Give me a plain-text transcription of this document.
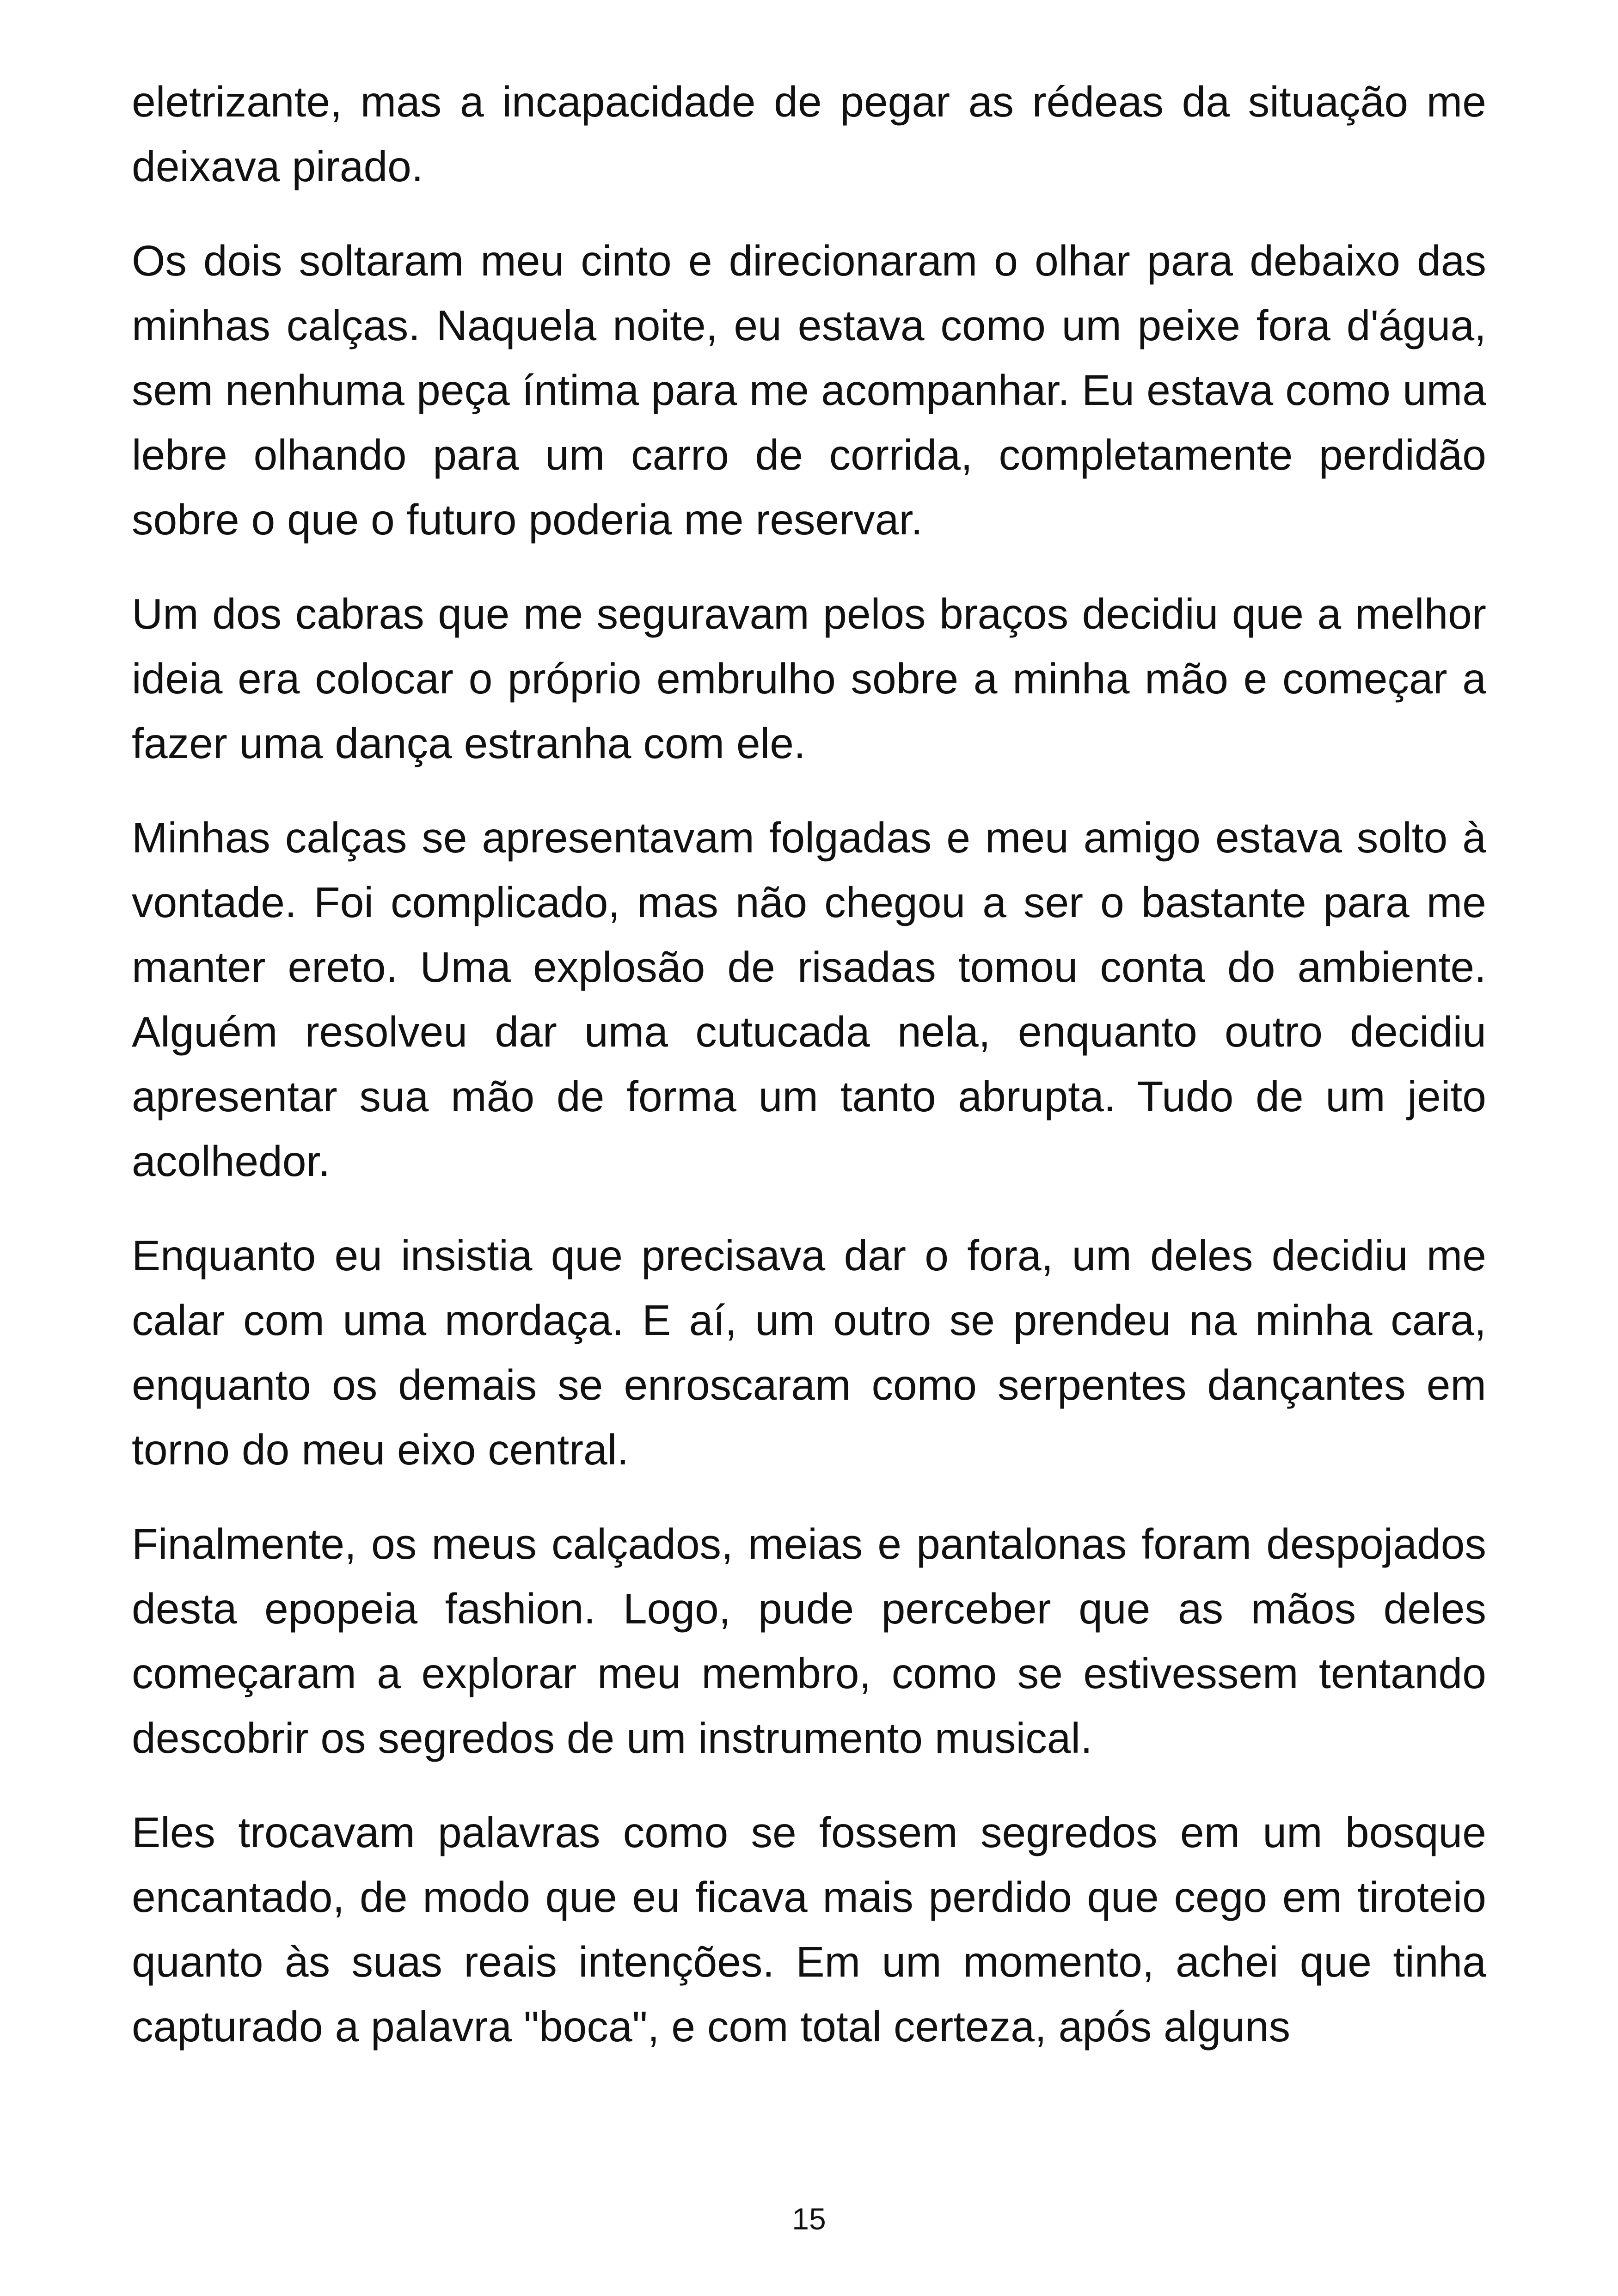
eletrizante, mas a incapacidade de pegar as rédeas da situação me deixava pirado.

Os dois soltaram meu cinto e direcionaram o olhar para debaixo das minhas calças. Naquela noite, eu estava como um peixe fora d'água, sem nenhuma peça íntima para me acompanhar. Eu estava como uma lebre olhando para um carro de corrida, completamente perdidão sobre o que o futuro poderia me reservar.

Um dos cabras que me seguravam pelos braços decidiu que a melhor ideia era colocar o próprio embrulho sobre a minha mão e começar a fazer uma dança estranha com ele.

Minhas calças se apresentavam folgadas e meu amigo estava solto à vontade. Foi complicado, mas não chegou a ser o bastante para me manter ereto. Uma explosão de risadas tomou conta do ambiente. Alguém resolveu dar uma cutucada nela, enquanto outro decidiu apresentar sua mão de forma um tanto abrupta. Tudo de um jeito acolhedor.

Enquanto eu insistia que precisava dar o fora, um deles decidiu me calar com uma mordaça. E aí, um outro se prendeu na minha cara, enquanto os demais se enroscaram como serpentes dançantes em torno do meu eixo central.

Finalmente, os meus calçados, meias e pantalonas foram despojados desta epopeia fashion. Logo, pude perceber que as mãos deles começaram a explorar meu membro, como se estivessem tentando descobrir os segredos de um instrumento musical.

Eles trocavam palavras como se fossem segredos em um bosque encantado, de modo que eu ficava mais perdido que cego em tiroteio quanto às suas reais intenções. Em um momento, achei que tinha capturado a palavra "boca", e com total certeza, após alguns

15
